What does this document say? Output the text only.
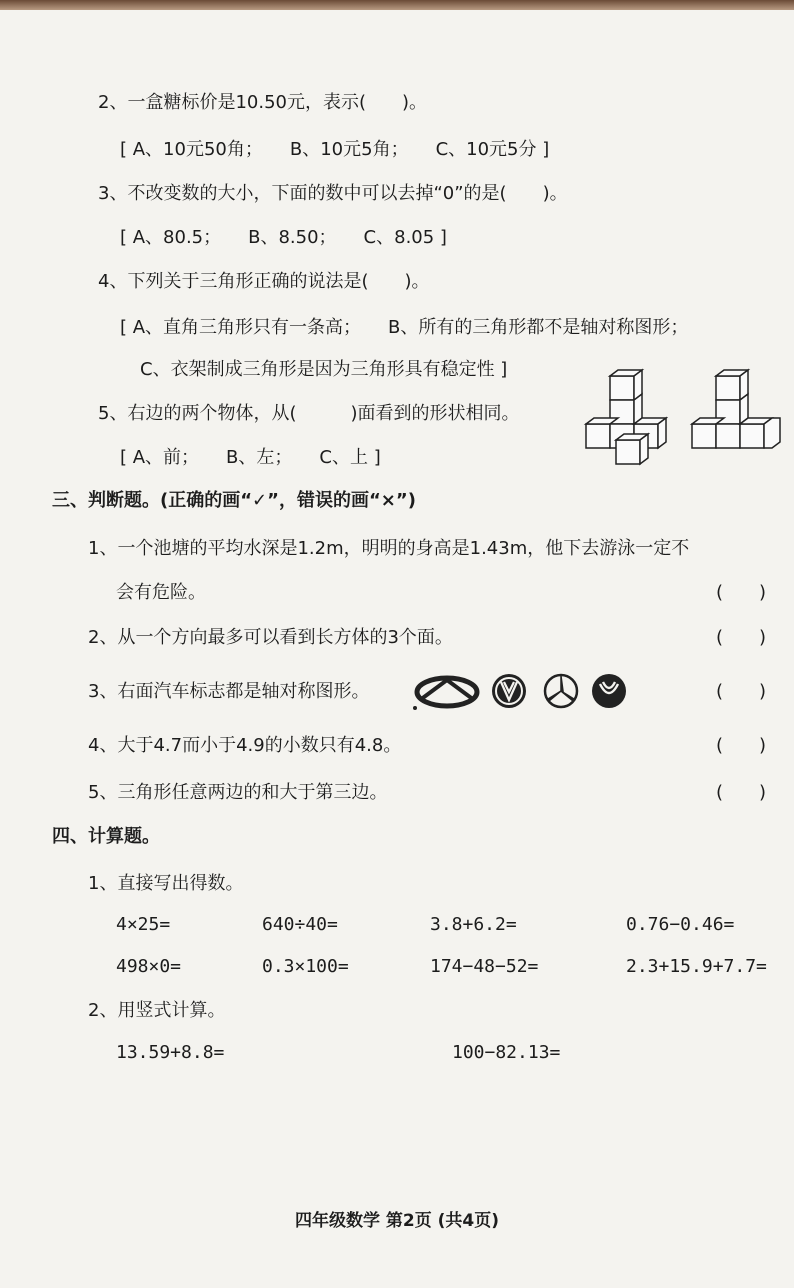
2、一盒糖标价是10.50元，表示(　　)。
[ A、10元50角；　　B、10元5角；　　C、10元5分 ]
3、不改变数的大小，下面的数中可以去掉“0”的是(　　)。
[ A、80.5；　　B、8.50；　　C、8.05 ]
4、下列关于三角形正确的说法是(　　)。
[ A、直角三角形只有一条高；　　B、所有的三角形都不是轴对称图形；
C、衣架制成三角形是因为三角形具有稳定性 ]
5、右边的两个物体，从(　　　)面看到的形状相同。
[ A、前；　　B、左；　　C、上 ]
三、判断题。(正确的画“✓”，错误的画“×”)
1、一个池塘的平均水深是1.2m，明明的身高是1.43m，他下去游泳一定不
会有危险。	(　　)
2、从一个方向最多可以看到长方体的3个面。	(　　)
3、右面汽车标志都是轴对称图形。	(　　)
4、大于4.7而小于4.9的小数只有4.8。	(　　)
5、三角形任意两边的和大于第三边。	(　　)
四、计算题。
1、直接写出得数。
4×25=	640÷40=	3.8+6.2=	0.76−0.46=
498×0=	0.3×100=	174−48−52=	2.3+15.9+7.7=
2、用竖式计算。
13.59+8.8=	100−82.13=
四年级数学 第2页 (共4页)
